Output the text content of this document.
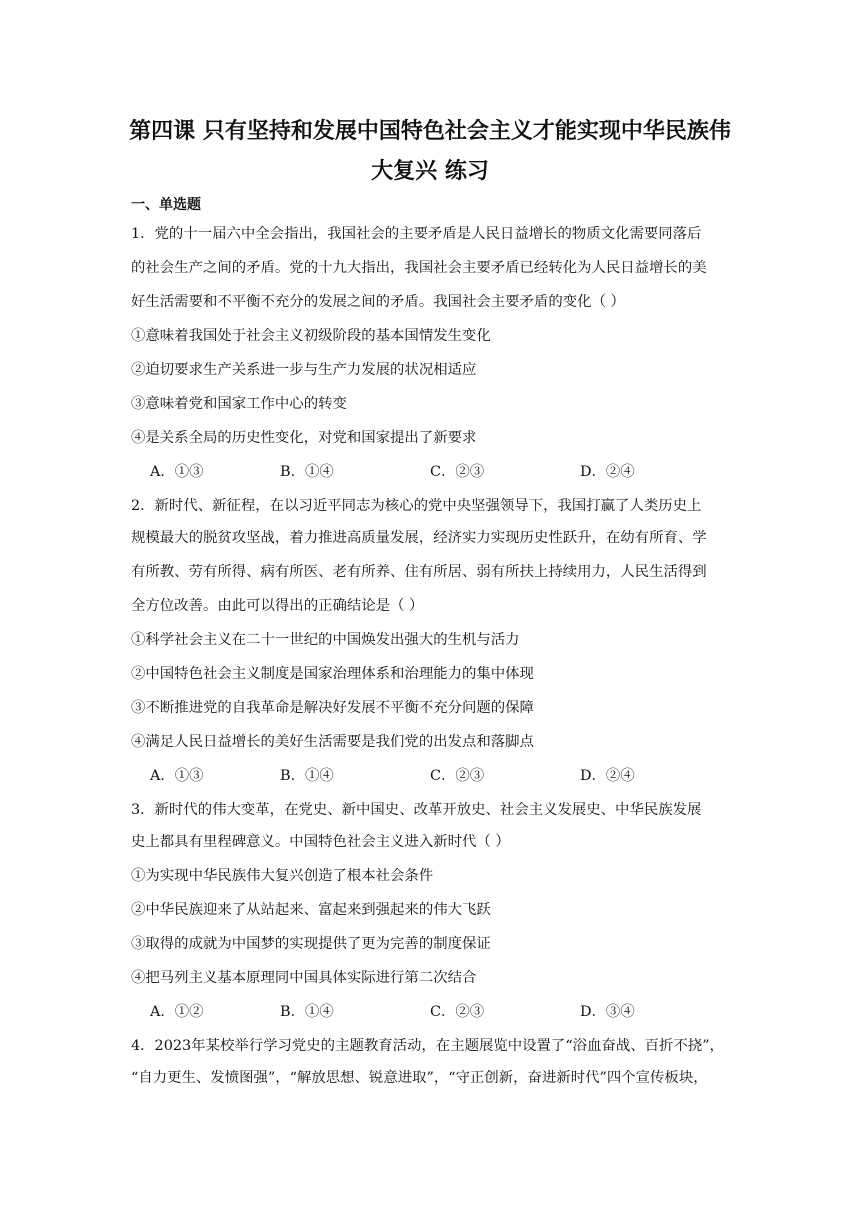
第四课 只有坚持和发展中国特色社会主义才能实现中华民族伟
大复兴 练习
一、单选题
1．党的十一届六中全会指出，我国社会的主要矛盾是人民日益增长的物质文化需要同落后
的社会生产之间的矛盾。党的十九大指出，我国社会主要矛盾已经转化为人民日益增长的美
好生活需要和不平衡不充分的发展之间的矛盾。我国社会主要矛盾的变化（ ）
①意味着我国处于社会主义初级阶段的基本国情发生变化
②迫切要求生产关系进一步与生产力发展的状况相适应
③意味着党和国家工作中心的转变
④是关系全局的历史性变化，对党和国家提出了新要求
A．①③	B．①④	C．②③	D．②④
2．新时代、新征程，在以习近平同志为核心的党中央坚强领导下，我国打赢了人类历史上
规模最大的脱贫攻坚战，着力推进高质量发展，经济实力实现历史性跃升，在幼有所育、学
有所教、劳有所得、病有所医、老有所养、住有所居、弱有所扶上持续用力，人民生活得到
全方位改善。由此可以得出的正确结论是（ ）
①科学社会主义在二十一世纪的中国焕发出强大的生机与活力
②中国特色社会主义制度是国家治理体系和治理能力的集中体现
③不断推进党的自我革命是解决好发展不平衡不充分问题的保障
④满足人民日益增长的美好生活需要是我们党的出发点和落脚点
A．①③	B．①④	C．②③	D．②④
3．新时代的伟大变革，在党史、新中国史、改革开放史、社会主义发展史、中华民族发展
史上都具有里程碑意义。中国特色社会主义进入新时代（ ）
①为实现中华民族伟大复兴创造了根本社会条件
②中华民族迎来了从站起来、富起来到强起来的伟大飞跃
③取得的成就为中国梦的实现提供了更为完善的制度保证
④把马列主义基本原理同中国具体实际进行第二次结合
A．①②	B．①④	C．②③	D．③④
4．2023年某校举行学习党史的主题教育活动，在主题展览中设置了“浴血奋战、百折不挠”，
“自力更生、发愤图强”，“解放思想、锐意进取”，“守正创新，奋进新时代”四个宣传板块，
